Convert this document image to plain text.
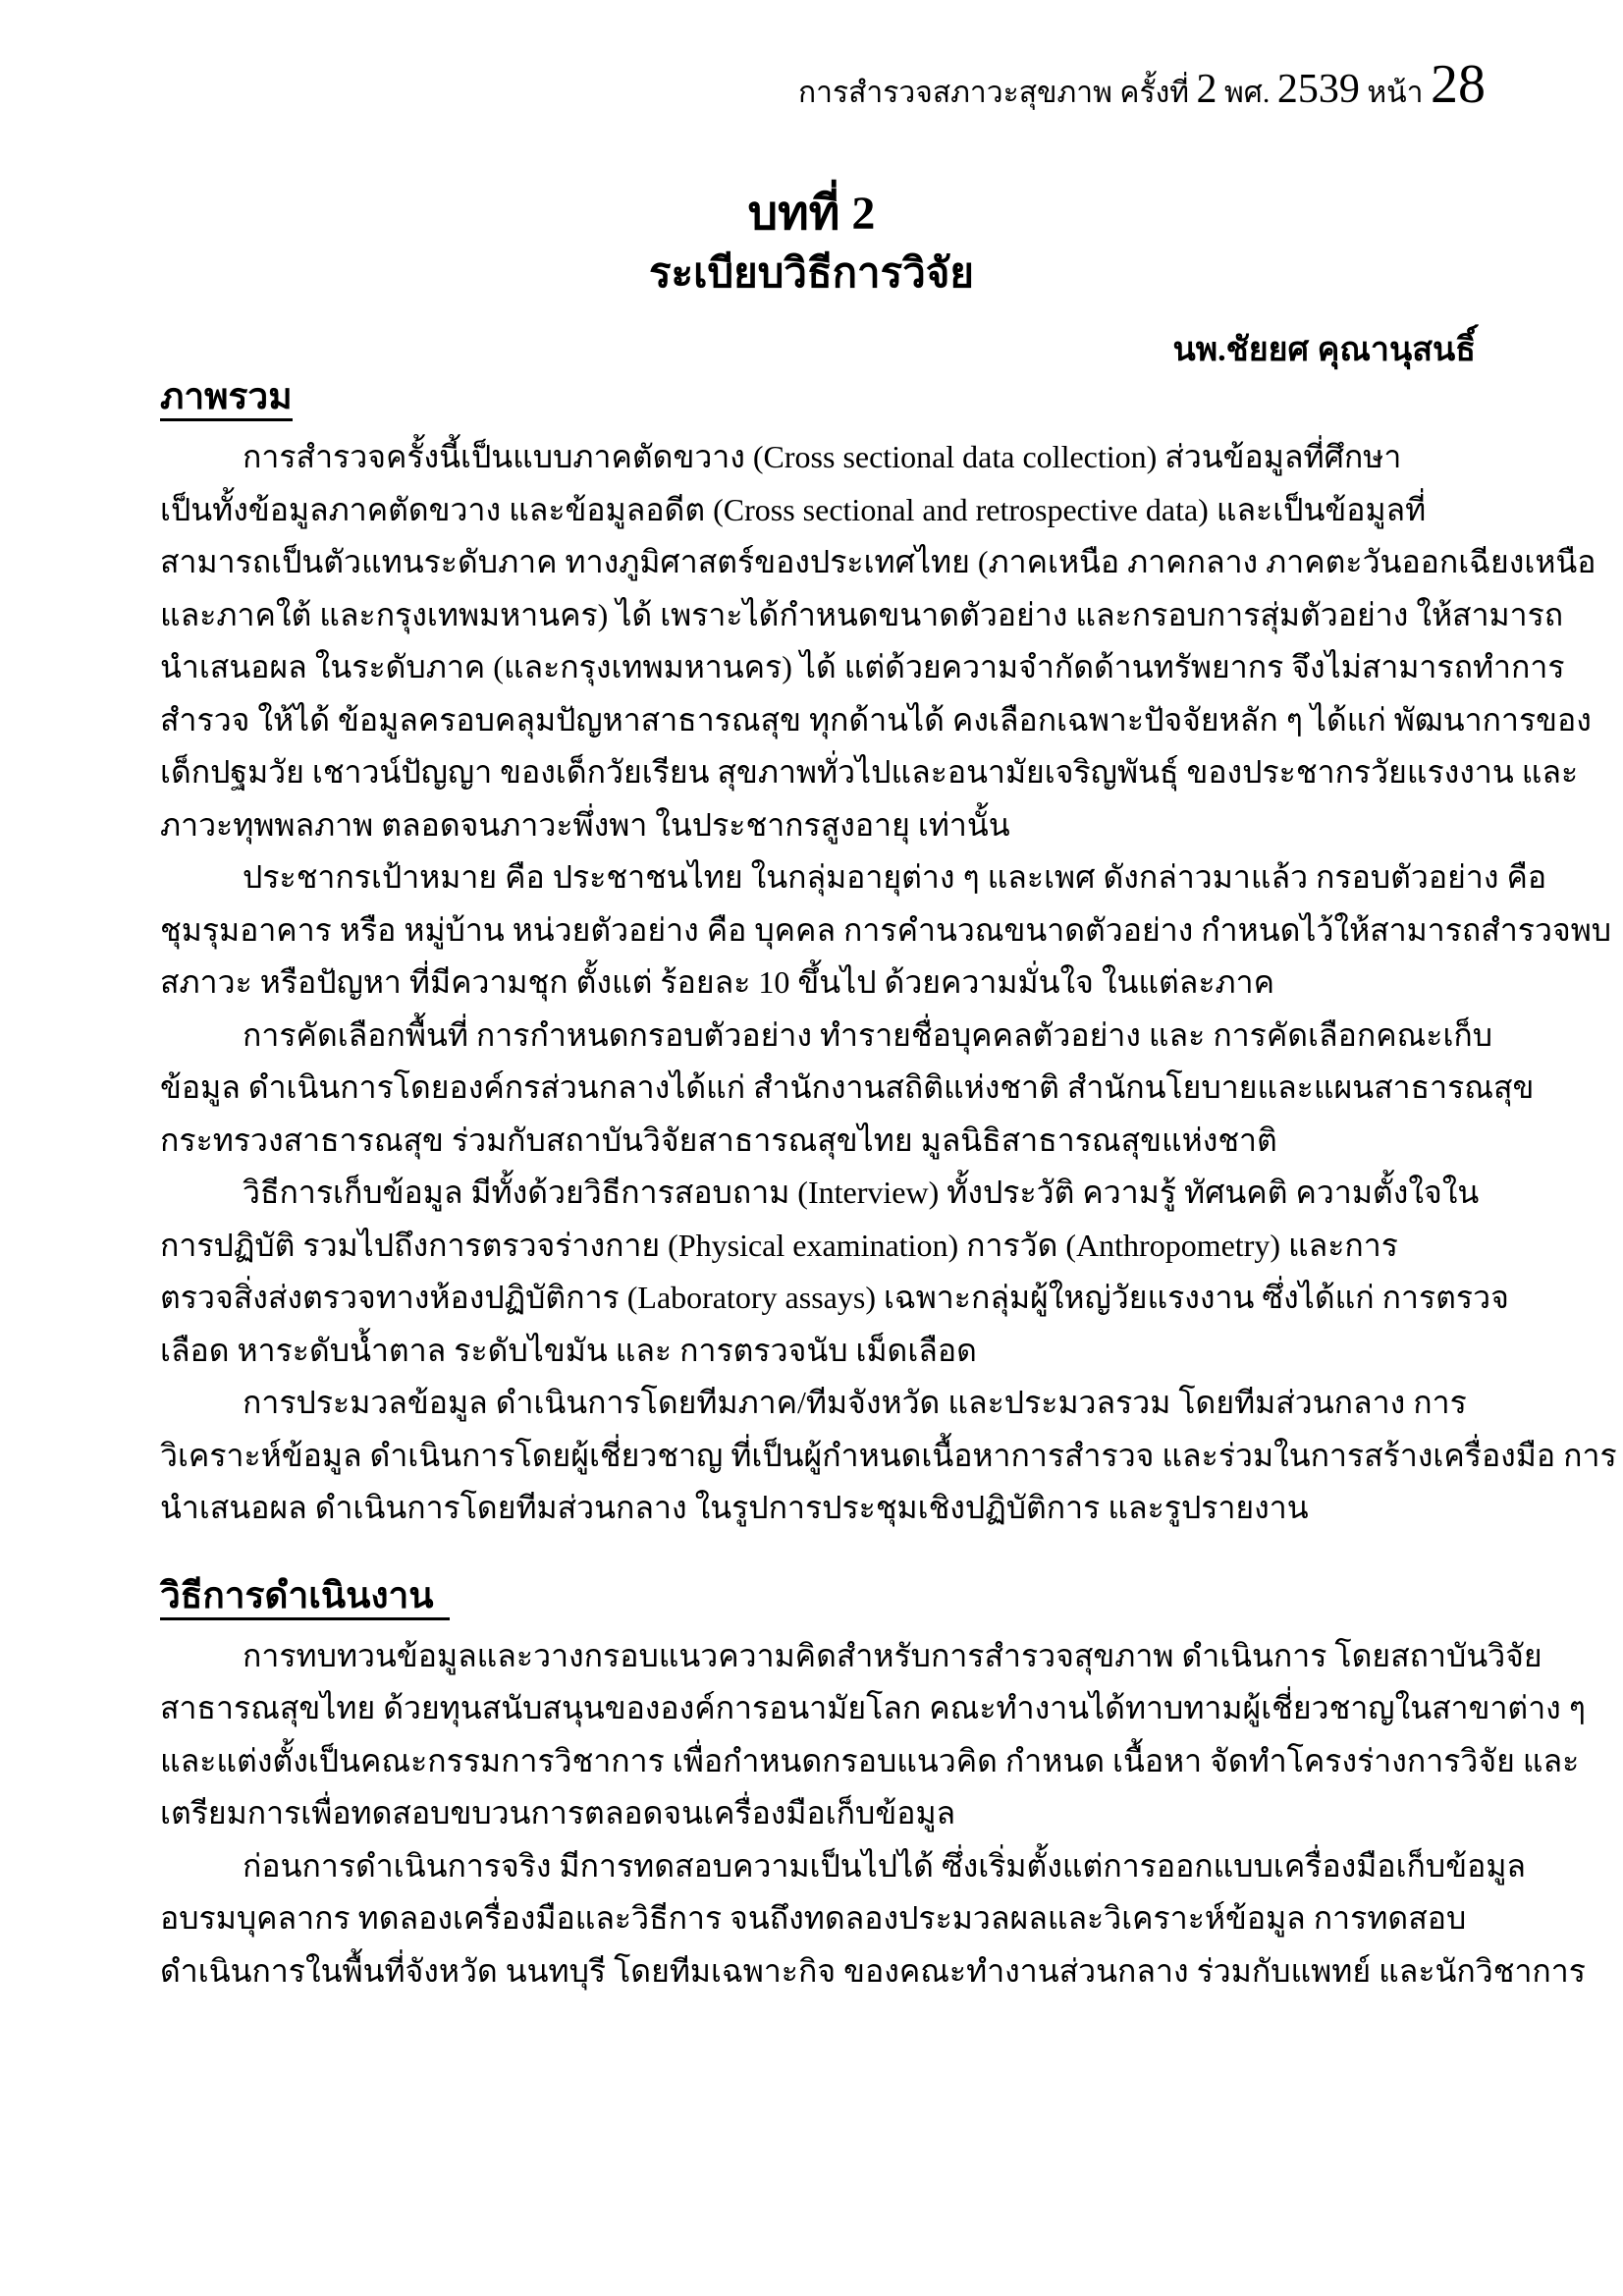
การสำรวจสภาวะสุขภาพ ครั้งที่ 2 พศ. 2539 หน้า 28
บทที่ 2
ระเบียบวิธีการวิจัย
นพ.ชัยยศ คุณานุสนธิ์
ภาพรวม
การสำรวจครั้งนี้เป็นแบบภาคตัดขวาง (Cross sectional data collection) ส่วนข้อมูลที่ศึกษา
เป็นทั้งข้อมูลภาคตัดขวาง และข้อมูลอดีต (Cross sectional and retrospective data) และเป็นข้อมูลที่
สามารถเป็นตัวแทนระดับภาค ทางภูมิศาสตร์ของประเทศไทย (ภาคเหนือ ภาคกลาง ภาคตะวันออกเฉียงเหนือ
และภาคใต้ และกรุงเทพมหานคร) ได้ เพราะได้กำหนดขนาดตัวอย่าง และกรอบการสุ่มตัวอย่าง ให้สามารถ
นำเสนอผล ในระดับภาค (และกรุงเทพมหานคร) ได้ แต่ด้วยความจำกัดด้านทรัพยากร จึงไม่สามารถทำการ
สำรวจ ให้ได้ ข้อมูลครอบคลุมปัญหาสาธารณสุข ทุกด้านได้ คงเลือกเฉพาะปัจจัยหลัก ๆ ได้แก่ พัฒนาการของ
เด็กปฐมวัย เชาวน์ปัญญา ของเด็กวัยเรียน สุขภาพทั่วไปและอนามัยเจริญพันธุ์ ของประชากรวัยแรงงาน และ
ภาวะทุพพลภาพ ตลอดจนภาวะพึ่งพา ในประชากรสูงอายุ เท่านั้น
ประชากรเป้าหมาย คือ ประชาชนไทย ในกลุ่มอายุต่าง ๆ และเพศ ดังกล่าวมาแล้ว กรอบตัวอย่าง คือ
ชุมรุมอาคาร หรือ หมู่บ้าน หน่วยตัวอย่าง คือ บุคคล การคำนวณขนาดตัวอย่าง กำหนดไว้ให้สามารถสำรวจพบ
สภาวะ หรือปัญหา ที่มีความชุก ตั้งแต่ ร้อยละ 10 ขึ้นไป ด้วยความมั่นใจ ในแต่ละภาค
การคัดเลือกพื้นที่ การกำหนดกรอบตัวอย่าง ทำรายชื่อบุคคลตัวอย่าง และ การคัดเลือกคณะเก็บ
ข้อมูล ดำเนินการโดยองค์กรส่วนกลางได้แก่ สำนักงานสถิติแห่งชาติ สำนักนโยบายและแผนสาธารณสุข
กระทรวงสาธารณสุข ร่วมกับสถาบันวิจัยสาธารณสุขไทย มูลนิธิสาธารณสุขแห่งชาติ
วิธีการเก็บข้อมูล มีทั้งด้วยวิธีการสอบถาม (Interview) ทั้งประวัติ ความรู้ ทัศนคติ ความตั้งใจใน
การปฏิบัติ รวมไปถึงการตรวจร่างกาย (Physical examination) การวัด (Anthropometry) และการ
ตรวจสิ่งส่งตรวจทางห้องปฏิบัติการ (Laboratory assays) เฉพาะกลุ่มผู้ใหญ่วัยแรงงาน ซึ่งได้แก่ การตรวจ
เลือด หาระดับน้ำตาล ระดับไขมัน และ การตรวจนับ เม็ดเลือด
การประมวลข้อมูล ดำเนินการโดยทีมภาค/ทีมจังหวัด และประมวลรวม โดยทีมส่วนกลาง การ
วิเคราะห์ข้อมูล ดำเนินการโดยผู้เชี่ยวชาญ ที่เป็นผู้กำหนดเนื้อหาการสำรวจ และร่วมในการสร้างเครื่องมือ การ
นำเสนอผล ดำเนินการโดยทีมส่วนกลาง ในรูปการประชุมเชิงปฏิบัติการ และรูปรายงาน
วิธีการดำเนินงาน
การทบทวนข้อมูลและวางกรอบแนวความคิดสำหรับการสำรวจสุขภาพ ดำเนินการ โดยสถาบันวิจัย
สาธารณสุขไทย ด้วยทุนสนับสนุนขององค์การอนามัยโลก คณะทำงานได้ทาบทามผู้เชี่ยวชาญในสาขาต่าง ๆ
และแต่งตั้งเป็นคณะกรรมการวิชาการ เพื่อกำหนดกรอบแนวคิด กำหนด เนื้อหา จัดทำโครงร่างการวิจัย และ
เตรียมการเพื่อทดสอบขบวนการตลอดจนเครื่องมือเก็บข้อมูล
ก่อนการดำเนินการจริง มีการทดสอบความเป็นไปได้ ซึ่งเริ่มตั้งแต่การออกแบบเครื่องมือเก็บข้อมูล
อบรมบุคลากร ทดลองเครื่องมือและวิธีการ จนถึงทดลองประมวลผลและวิเคราะห์ข้อมูล การทดสอบ
ดำเนินการในพื้นที่จังหวัด นนทบุรี โดยทีมเฉพาะกิจ ของคณะทำงานส่วนกลาง ร่วมกับแพทย์ และนักวิชาการ
